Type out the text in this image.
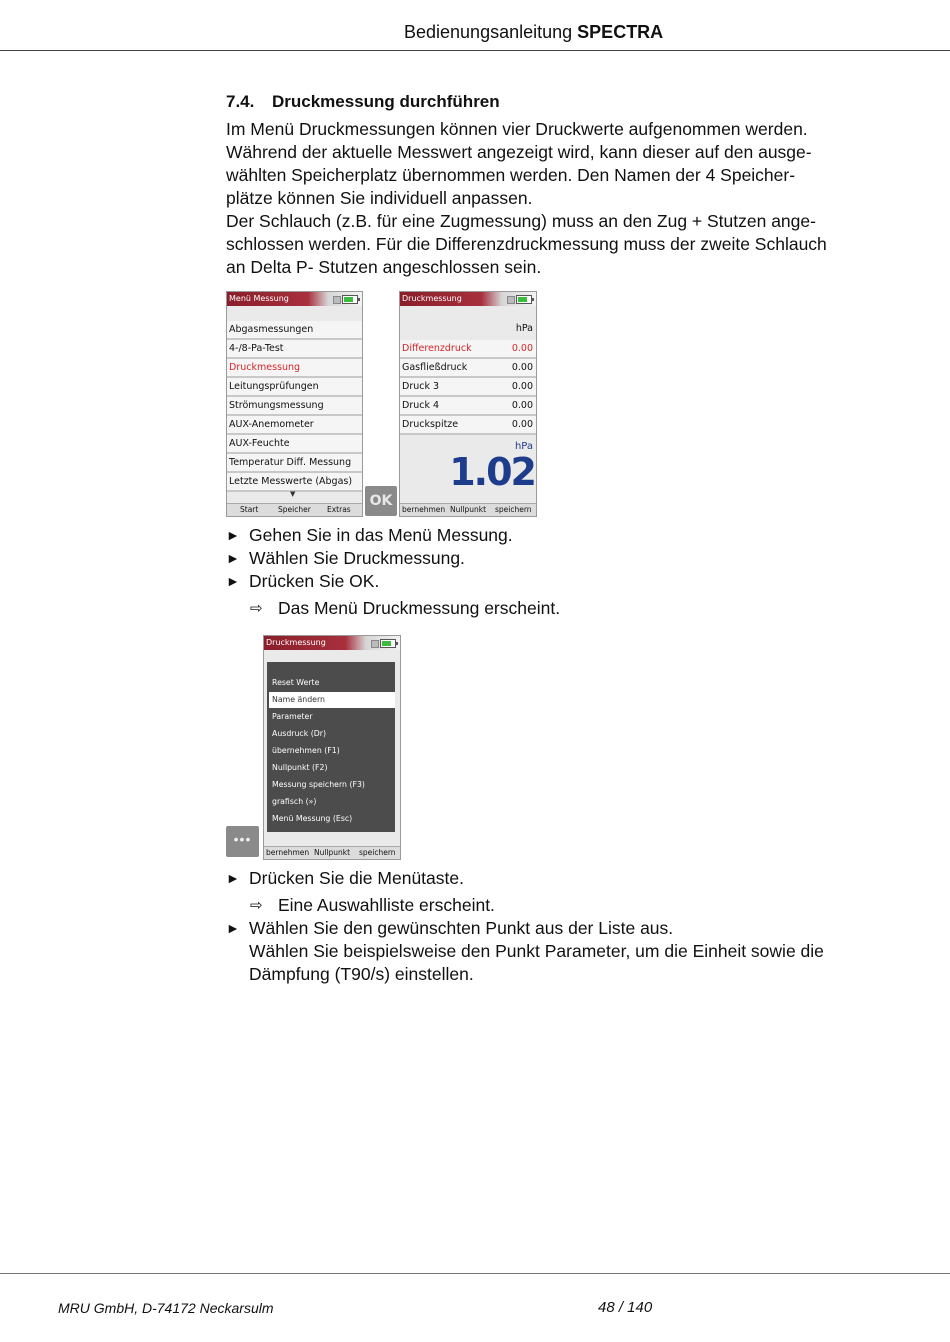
Bedienungsanleitung SPECTRA
7.4. Druckmessung durchführen
Im Menü Druckmessungen können vier Druckwerte aufgenommen werden.
Während der aktuelle Messwert angezeigt wird, kann dieser auf den ausge-
wählten Speicherplatz übernommen werden. Den Namen der 4 Speicher-
plätze können Sie individuell anpassen.
Der Schlauch (z.B. für eine Zugmessung) muss an den Zug + Stutzen ange-
schlossen werden. Für die Differenzdruckmessung muss der zweite Schlauch
an Delta P- Stutzen angeschlossen sein.
Menü Messung
Abgasmessungen
4-/8-Pa-Test
Druckmessung
Leitungsprüfungen
Strömungsmessung
AUX-Anemometer
AUX-Feuchte
Temperatur Diff. Messung
Letzte Messwerte (Abgas)
▼
Start	Speicher Extras
OK
Druckmessung
hPa
Differenzdruck	0.00
Gasfließdruck	0.00
Druck 3	0.00
Druck 4	0.00
Druckspitze	0.00
hPa
1.02
bernehmen Nullpunkt speichern
► Gehen Sie in das Menü Messung.
► Wählen Sie Druckmessung.
► Drücken Sie OK.
⇨ Das Menü Druckmessung erscheint.
•••
Druckmessung
Reset Werte
Name ändern
Parameter
Ausdruck (Dr)
übernehmen (F1)
Nullpunkt (F2)
Messung speichern (F3)
grafisch (»)
Menü Messung (Esc)
bernehmen Nullpunkt speichern
► Drücken Sie die Menütaste.
⇨ Eine Auswahlliste erscheint.
► Wählen Sie den gewünschten Punkt aus der Liste aus.
Wählen Sie beispielsweise den Punkt Parameter, um die Einheit sowie die
Dämpfung (T90/s) einstellen.
MRU GmbH, D-74172 Neckarsulm	48 / 140
